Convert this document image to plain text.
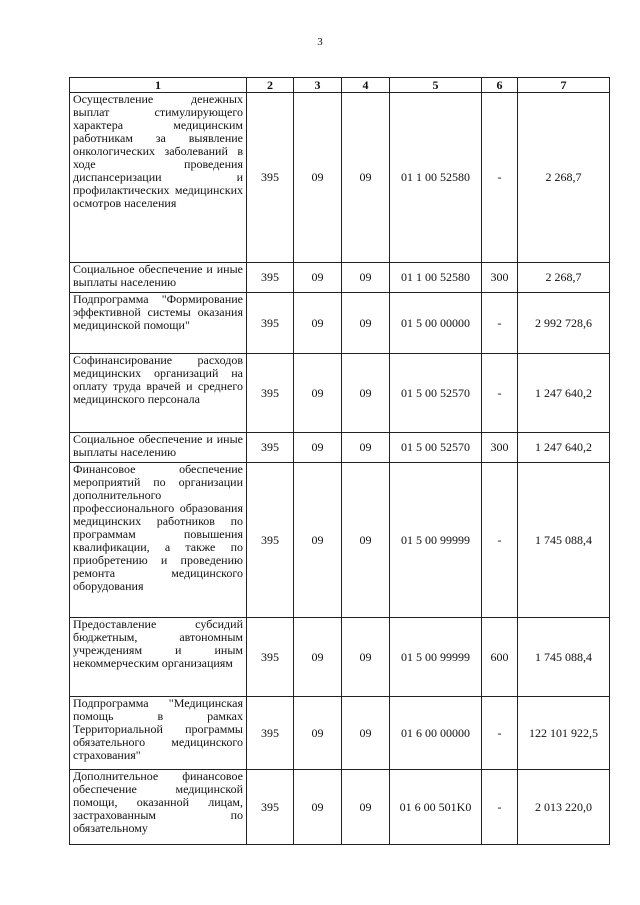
3
1	2	3	4	5	6	7
Осуществление денежных выплат стимулирующего характера медицинским работникам за выявление онкологических заболеваний в ходе проведения диспансеризации и профилактических медицинских осмотров населения	395	09	09	01 1 00 52580	-	2 268,7
Социальное обеспечение и иные выплаты населению	395	09	09	01 1 00 52580	300	2 268,7
Подпрограмма "Формирование эффективной системы оказания медицинской помощи"	395	09	09	01 5 00 00000	-	2 992 728,6
Софинансирование расходов медицинских организаций на оплату труда врачей и среднего медицинского персонала	395	09	09	01 5 00 52570	-	1 247 640,2
Социальное обеспечение и иные выплаты населению	395	09	09	01 5 00 52570	300	1 247 640,2
Финансовое обеспечение мероприятий по организации дополнительного профессионального образования медицинских работников по программам повышения квалификации, а также по приобретению и проведению ремонта медицинского оборудования	395	09	09	01 5 00 99999	-	1 745 088,4
Предоставление субсидий бюджетным, автономным учреждениям и иным некоммерческим организациям	395	09	09	01 5 00 99999	600	1 745 088,4
Подпрограмма "Медицинская помощь в рамках Территориальной программы обязательного медицинского страхования"	395	09	09	01 6 00 00000	-	122 101 922,5
Дополнительное финансовое обеспечение медицинской помощи, оказанной лицам, застрахованным по обязательному	395	09	09	01 6 00 501K0	-	2 013 220,0
